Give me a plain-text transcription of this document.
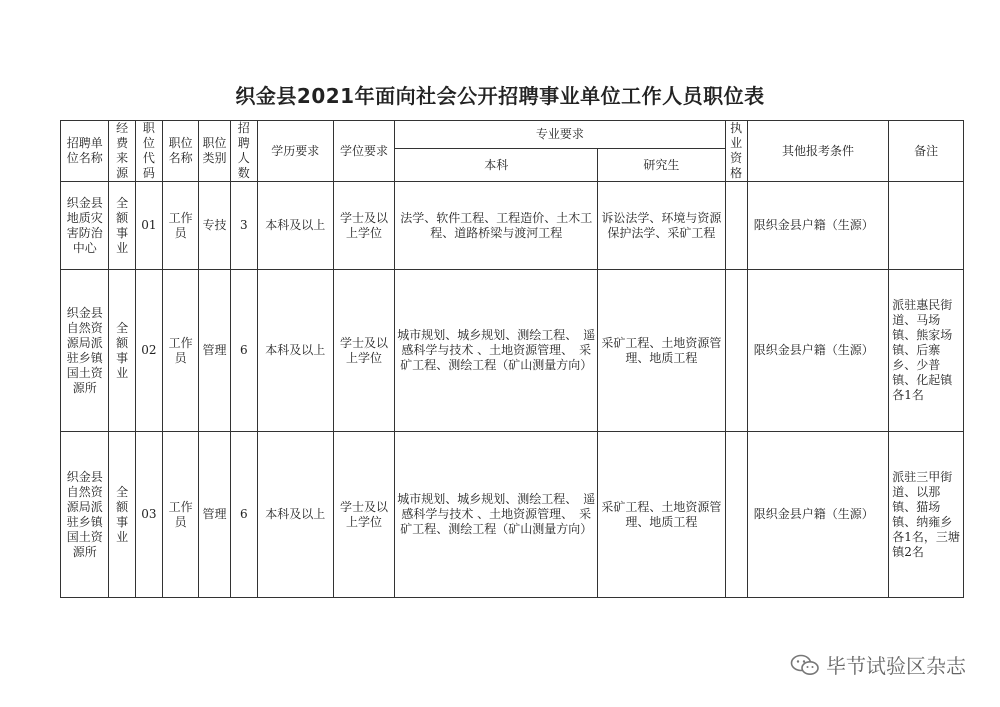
织金县2021年面向社会公开招聘事业单位工作人员职位表
招聘单位名称	经费来源	职位代码	职位名称	职位类别	招聘人数	学历要求	学位要求	专业要求		执业资格	其他报考条件	备注
								本科	研究生			
织金县地质灾害防治中心	全额事业	01	工作员	专技	3	本科及以上	学士及以上学位	法学、软件工程、工程造价、土木工程、道路桥梁与渡河工程	诉讼法学、环境与资源保护法学、采矿工程		限织金县户籍（生源）	
织金县自然资源局派驻乡镇国土资源所	全额事业	02	工作员	管理	6	本科及以上	学士及以上学位	城市规划、城乡规划、测绘工程、　遥感科学与技术 、土地资源管理、　采矿工程、测绘工程（矿山测量方向）	采矿工程、土地资源管理、地质工程		限织金县户籍（生源）	派驻惠民街道、马场镇、熊家场镇、后寨乡、少普镇、化起镇各1名
织金县自然资源局派驻乡镇国土资源所	全额事业	03	工作员	管理	6	本科及以上	学士及以上学位	城市规划、城乡规划、测绘工程、　遥感科学与技术 、土地资源管理、　采矿工程、测绘工程（矿山测量方向）	采矿工程、土地资源管理、地质工程		限织金县户籍（生源）	派驻三甲街道、以那镇、猫场镇、纳雍乡各1名，三塘镇2名
毕节试验区杂志
